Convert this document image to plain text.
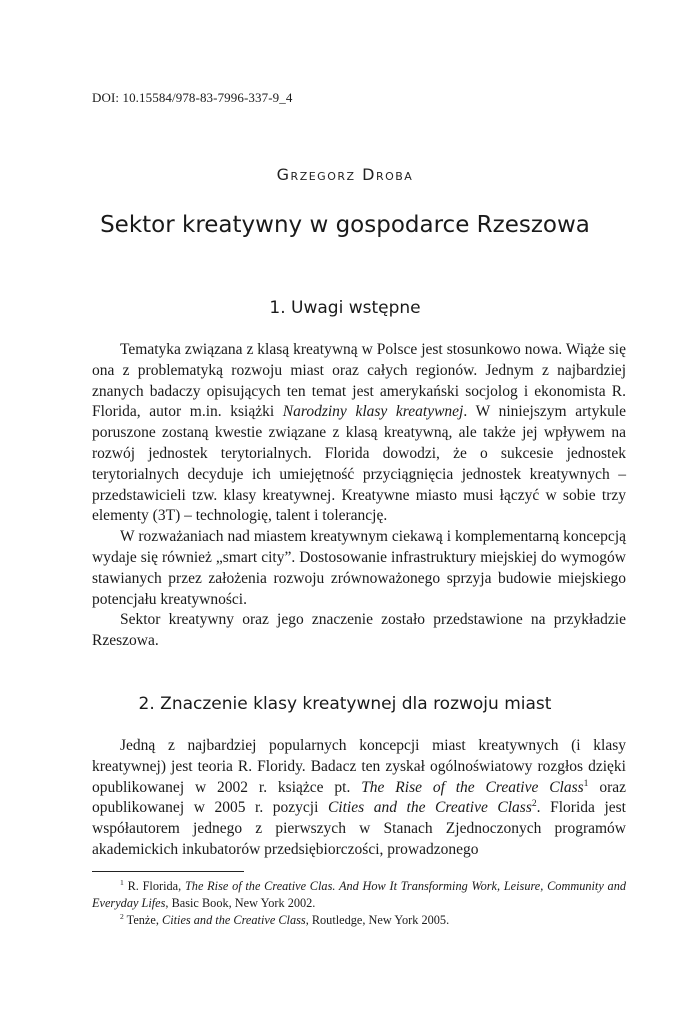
DOI: 10.15584/978-83-7996-337-9_4
Grzegorz Droba
Sektor kreatywny w gospodarce Rzeszowa
1. Uwagi wstępne

Tematyka związana z klasą kreatywną w Polsce jest stosunkowo nowa. Wiąże się ona z problematyką rozwoju miast oraz całych regionów. Jednym z najbardziej znanych badaczy opisujących ten temat jest amerykański socjolog i ekonomista R. Florida, autor m.in. książki Narodziny klasy kreatywnej. W niniejszym artykule poruszone zostaną kwestie związane z klasą kreatywną, ale także jej wpływem na rozwój jednostek terytorialnych. Florida dowodzi, że o sukcesie jednostek terytorialnych decyduje ich umiejętność przyciągnięcia jednostek kreatywnych – przedstawicieli tzw. klasy kreatywnej. Kreatywne miasto musi łączyć w sobie trzy elementy (3T) – technologię, talent i tolerancję.

W rozważaniach nad miastem kreatywnym ciekawą i komplementarną koncepcją wydaje się również „smart city”. Dostosowanie infrastruktury miejskiej do wymogów stawianych przez założenia rozwoju zrównoważonego sprzyja budowie miejskiego potencjału kreatywności.

Sektor kreatywny oraz jego znaczenie zostało przedstawione na przykładzie Rzeszowa.

2. Znaczenie klasy kreatywnej dla rozwoju miast

Jedną z najbardziej popularnych koncepcji miast kreatywnych (i klasy kreatywnej) jest teoria R. Floridy. Badacz ten zyskał ogólnoświatowy rozgłos dzięki opublikowanej w 2002 r. książce pt. The Rise of the Creative Class$^1$ oraz opublikowanej w 2005 r. pozycji Cities and the Creative Class$^2$. Florida jest współautorem jednego z pierwszych w Stanach Zjednoczonych programów akademickich inkubatorów przedsiębiorczości, prowadzonego

$^1$ R. Florida, The Rise of the Creative Clas. And How It Transforming Work, Leisure, Community and Everyday Lifes, Basic Book, New York 2002.

$^2$ Tenże, Cities and the Creative Class, Routledge, New York 2005.
